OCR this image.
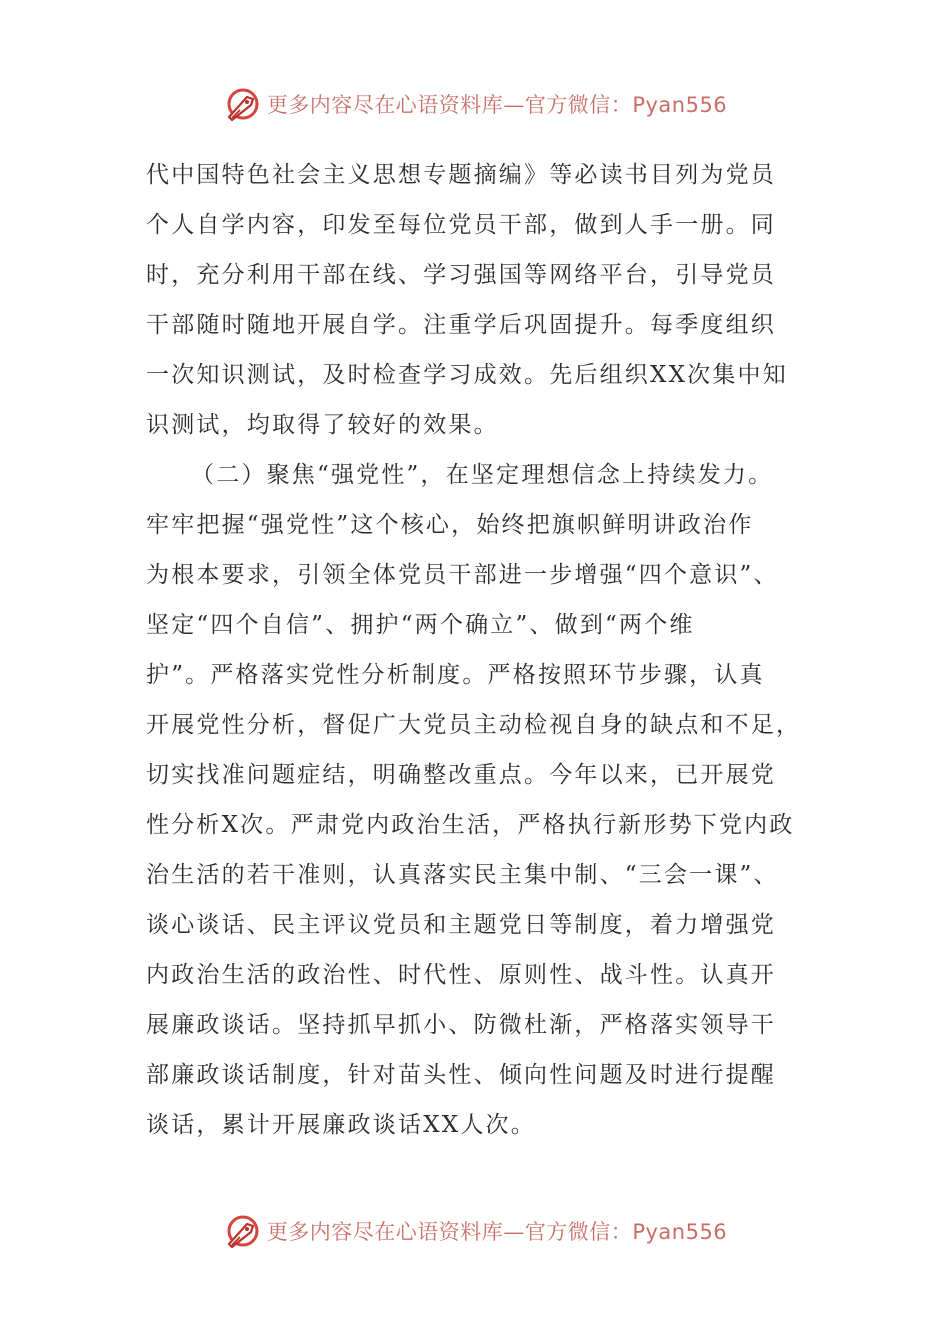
更多内容尽在心语资料库—官方微信：Pyan556
代中国特色社会主义思想专题摘编》等必读书目列为党员
个人自学内容，印发至每位党员干部，做到人手一册。同
时，充分利用干部在线、学习强国等网络平台，引导党员
干部随时随地开展自学。注重学后巩固提升。每季度组织
一次知识测试，及时检查学习成效。先后组织XX次集中知
识测试，均取得了较好的效果。
（二）聚焦“强党性”，在坚定理想信念上持续发力。
牢牢把握“强党性”这个核心，始终把旗帜鲜明讲政治作
为根本要求，引领全体党员干部进一步增强“四个意识”、
坚定“四个自信”、拥护“两个确立”、做到“两个维
护”。严格落实党性分析制度。严格按照环节步骤，认真
开展党性分析，督促广大党员主动检视自身的缺点和不足，
切实找准问题症结，明确整改重点。今年以来，已开展党
性分析X次。严肃党内政治生活，严格执行新形势下党内政
治生活的若干准则，认真落实民主集中制、“三会一课”、
谈心谈话、民主评议党员和主题党日等制度，着力增强党
内政治生活的政治性、时代性、原则性、战斗性。认真开
展廉政谈话。坚持抓早抓小、防微杜渐，严格落实领导干
部廉政谈话制度，针对苗头性、倾向性问题及时进行提醒
谈话，累计开展廉政谈话XX人次。
更多内容尽在心语资料库—官方微信：Pyan556
